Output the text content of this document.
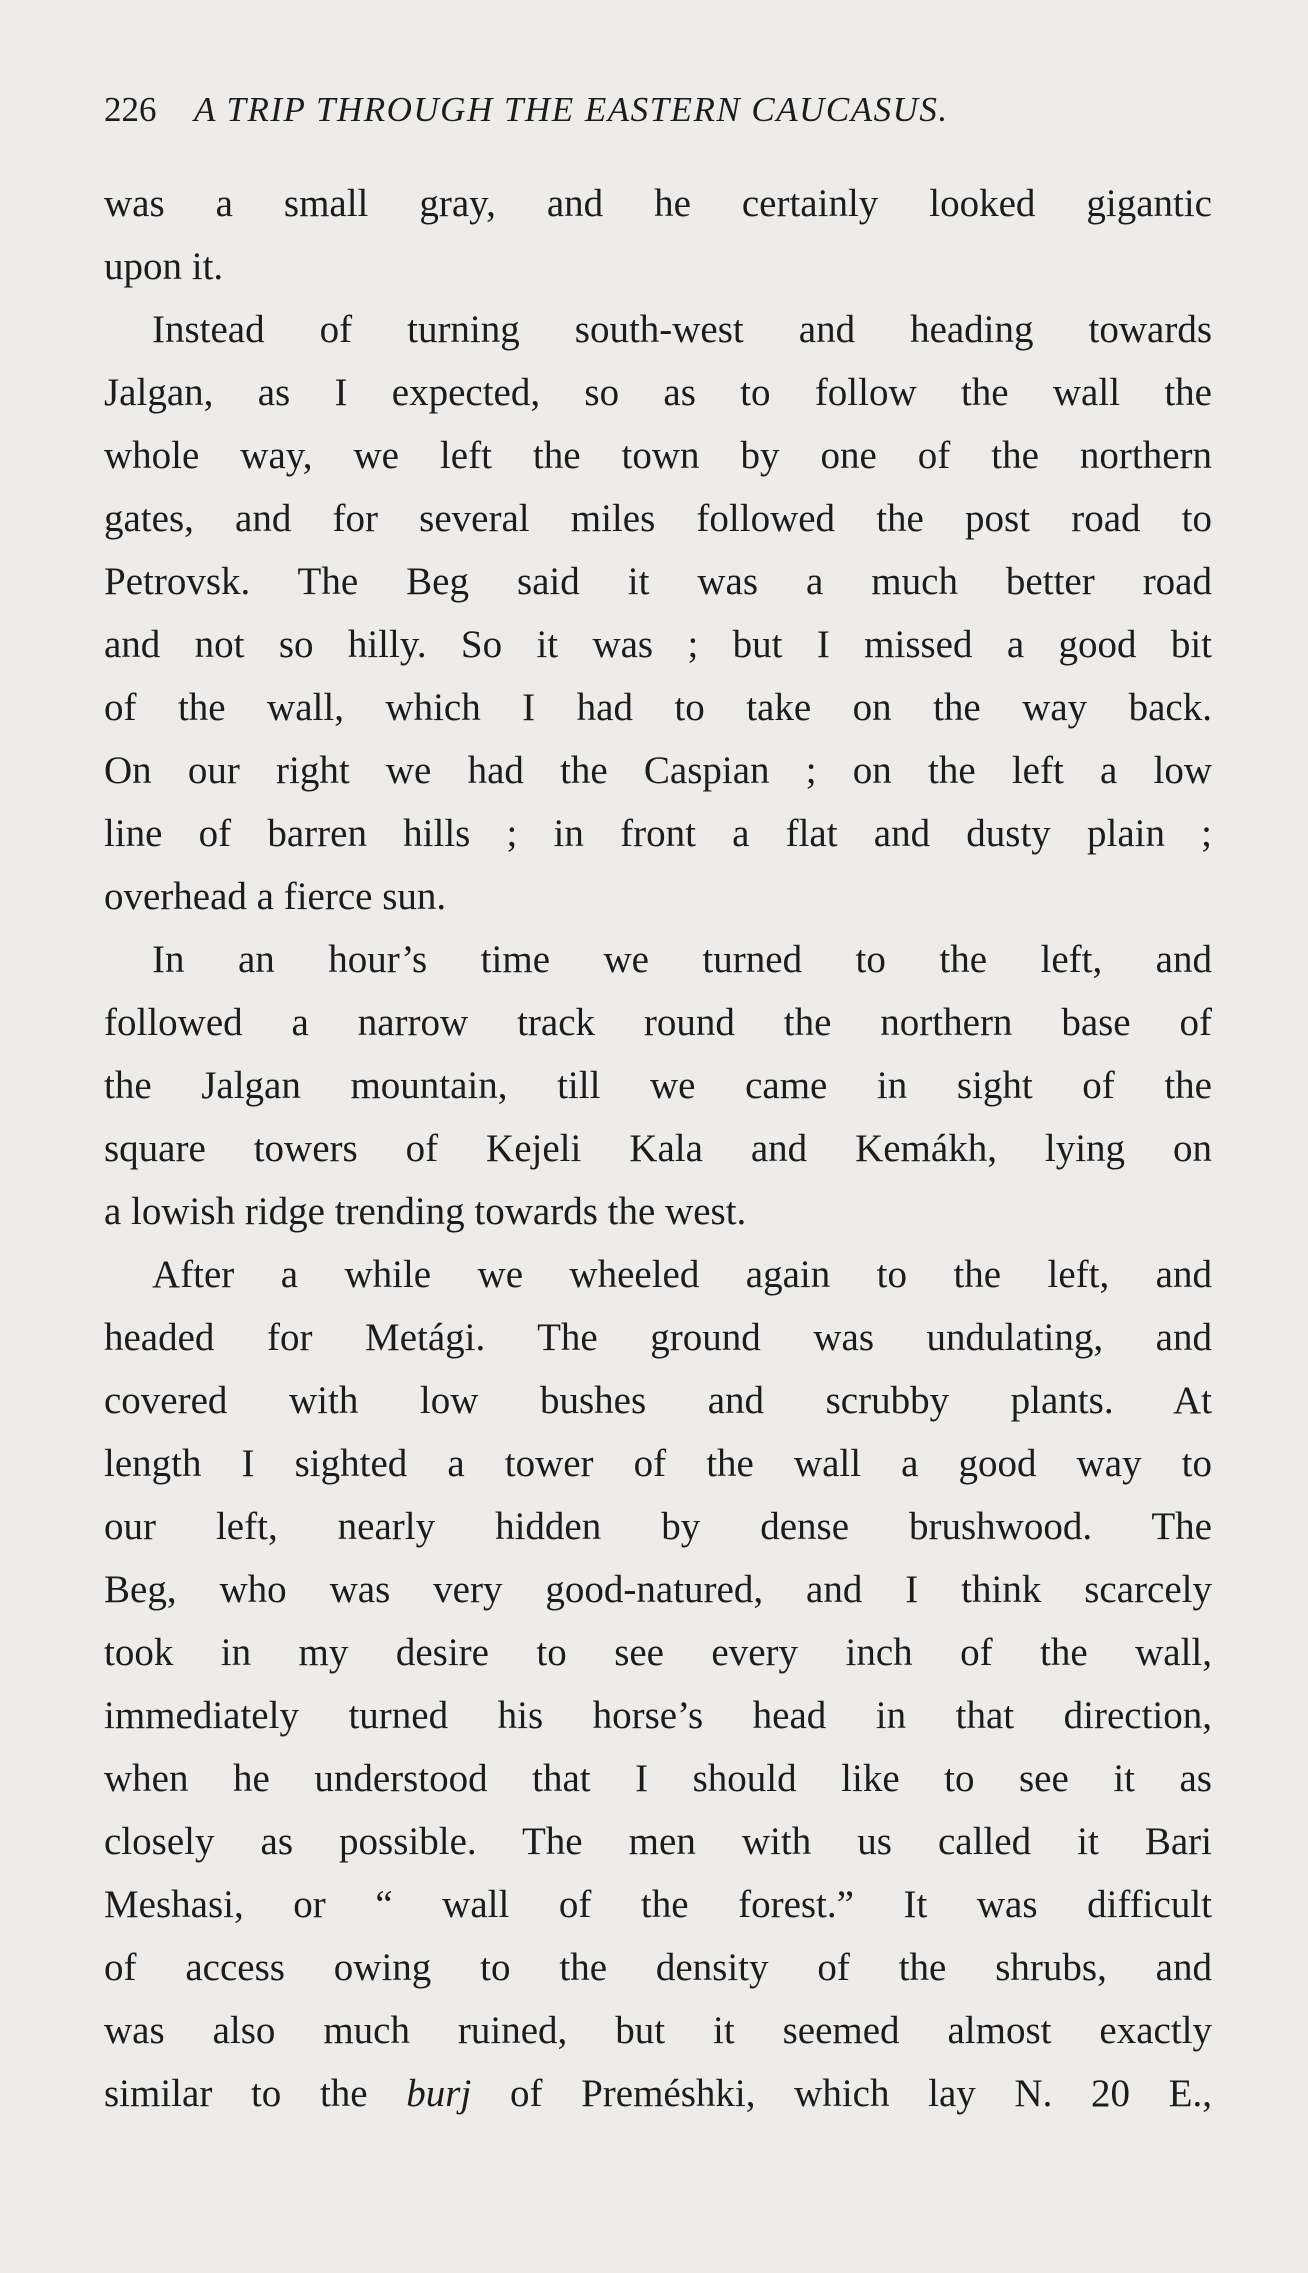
226 A TRIP THROUGH THE EASTERN CAUCASUS.
was a small gray, and he certainly looked gigantic
upon it.
Instead of turning south-west and heading towards
Jalgan, as I expected, so as to follow the wall the
whole way, we left the town by one of the northern
gates, and for several miles followed the post road to
Petrovsk. The Beg said it was a much better road
and not so hilly. So it was ; but I missed a good bit
of the wall, which I had to take on the way back.
On our right we had the Caspian ; on the left a low
line of barren hills ; in front a flat and dusty plain ;
overhead a fierce sun.
In an hour’s time we turned to the left, and
followed a narrow track round the northern base of
the Jalgan mountain, till we came in sight of the
square towers of Kejeli Kala and Kemákh, lying on
a lowish ridge trending towards the west.
After a while we wheeled again to the left, and
headed for Metági. The ground was undulating, and
covered with low bushes and scrubby plants. At
length I sighted a tower of the wall a good way to
our left, nearly hidden by dense brushwood. The
Beg, who was very good-natured, and I think scarcely
took in my desire to see every inch of the wall,
immediately turned his horse’s head in that direction,
when he understood that I should like to see it as
closely as possible. The men with us called it Bari
Meshasi, or “ wall of the forest.” It was difficult
of access owing to the density of the shrubs, and
was also much ruined, but it seemed almost exactly
similar to the burj of Preméshki, which lay N. 20 E.,
